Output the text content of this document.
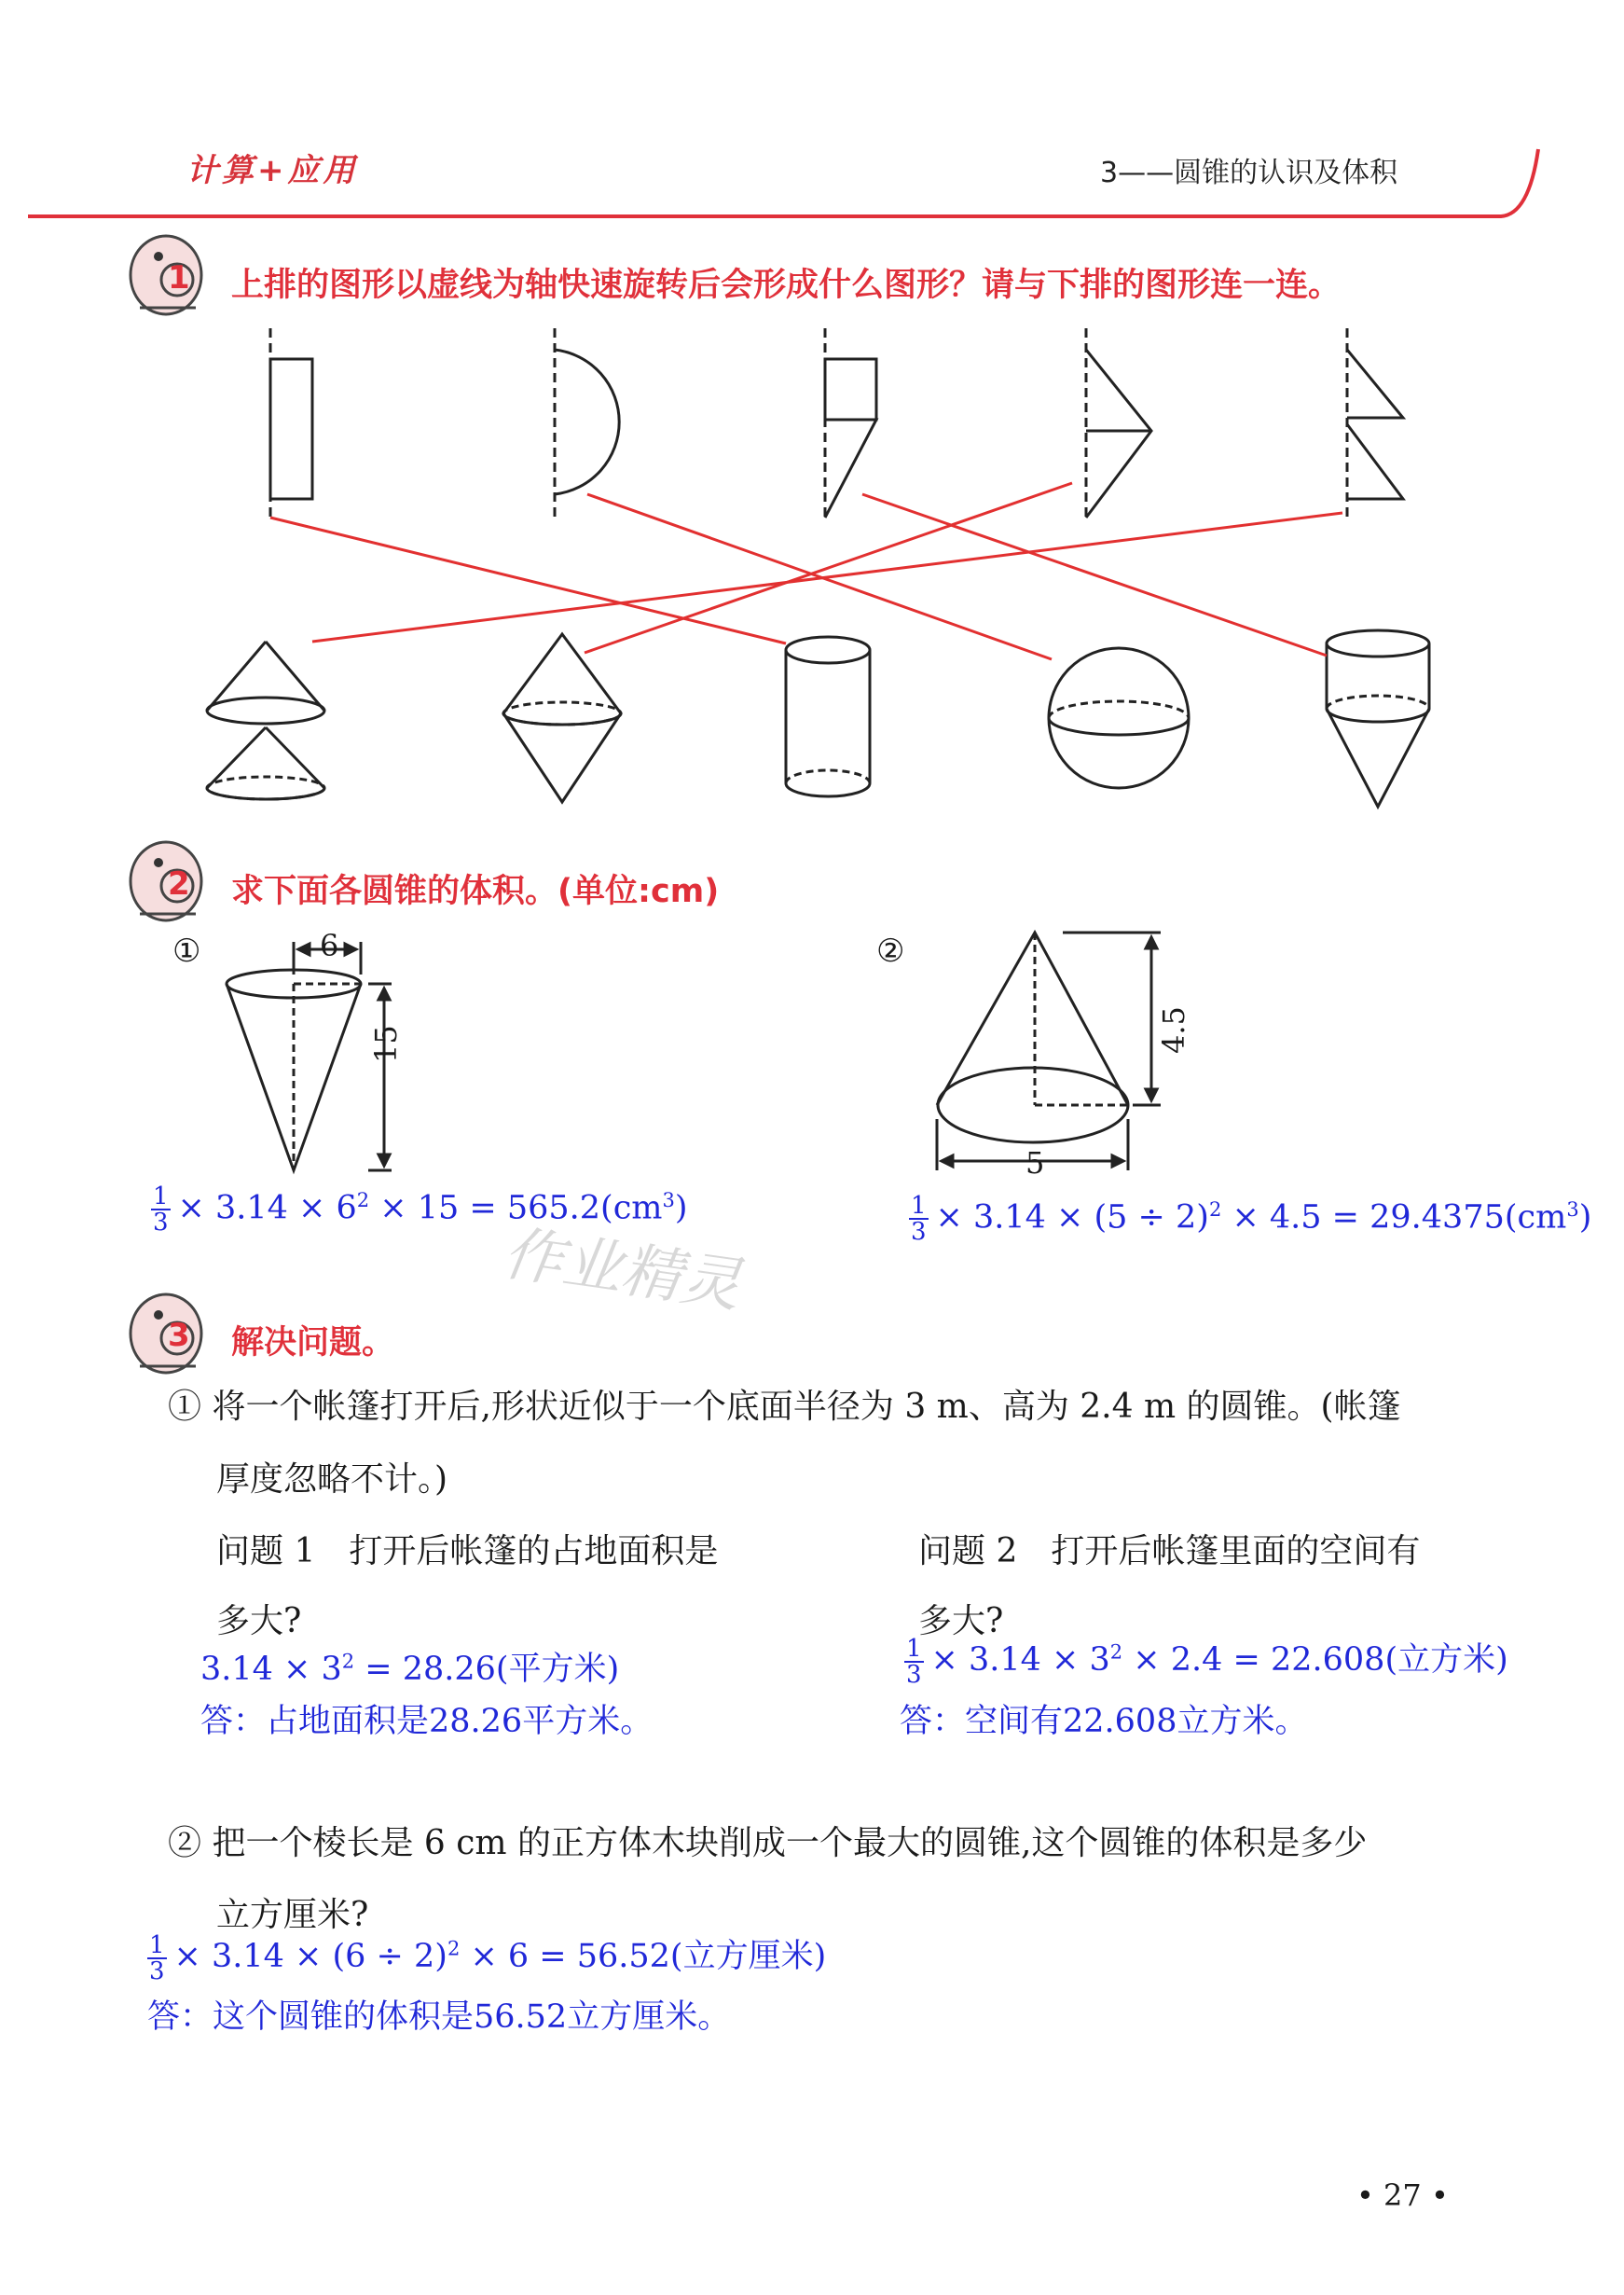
计算+应用	3——圆锥的认识及体积
作业精灵
1 上排的图形以虚线为轴快速旋转后会形成什么图形？请与下排的图形连一连。
2 求下面各圆锥的体积。(单位:cm)
①	6
15
②
4.5
5
$\frac{1}{3} \times 3.14 \times 6^2 \times 15 = 565.2(cm^3)$	$\frac{1}{3} \times 3.14 \times (5 \div 2)^2 \times 4.5 = 29.4375(cm^3)$
3 解决问题。
① 将一个帐篷打开后,形状近似于一个底面半径为 3 m、高为 2.4 m 的圆锥。(帐篷
厚度忽略不计。)
问题 1　打开后帐篷的占地面积是
多大?
问题 2　打开后帐篷里面的空间有
多大?
$3.14 \times 3^2 = 28.26$(平方米)
答：占地面积是28.26平方米。
$\frac{1}{3} \times 3.14 \times 3^2 \times 2.4 = 22.608$(立方米)
答：空间有22.608立方米。
② 把一个棱长是 6 cm 的正方体木块削成一个最大的圆锥,这个圆锥的体积是多少
立方厘米?
$\frac{1}{3} \times 3.14 \times (6 \div 2)^2 \times 6 = 56.52$(立方厘米)
答：这个圆锥的体积是56.52立方厘米。
• 27 •
